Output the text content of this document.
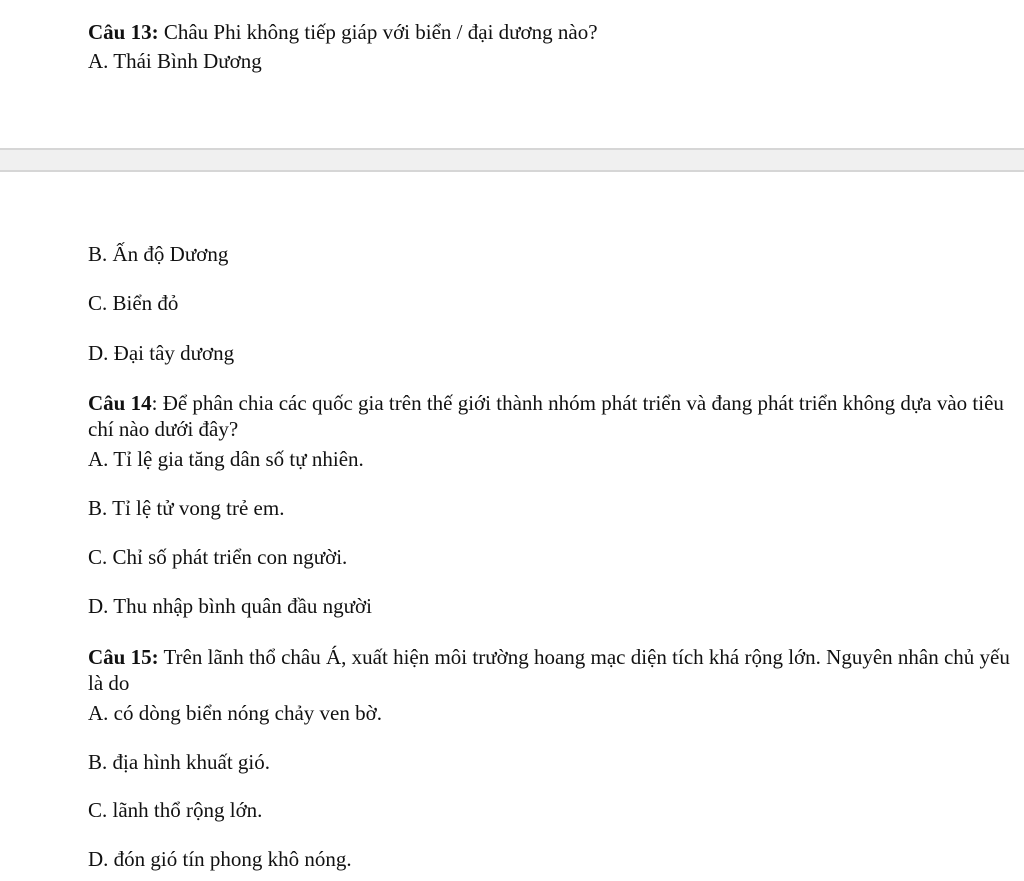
Câu 13: Châu Phi không tiếp giáp với biển / đại dương nào?
A. Thái Bình Dương
B. Ấn độ Dương
C. Biển đỏ
D. Đại tây dương
Câu 14: Để phân chia các quốc gia trên thế giới thành nhóm phát triển và đang phát triển không dựa vào tiêu chí nào dưới đây?
A. Tỉ lệ gia tăng dân số tự nhiên.
B. Tỉ lệ tử vong trẻ em.
C. Chỉ số phát triển con người.
D. Thu nhập bình quân đầu người
Câu 15: Trên lãnh thổ châu Á, xuất hiện môi trường hoang mạc diện tích khá rộng lớn. Nguyên nhân chủ yếu là do
A. có dòng biển nóng chảy ven bờ.
B. địa hình khuất gió.
C. lãnh thổ rộng lớn.
D. đón gió tín phong khô nóng.
